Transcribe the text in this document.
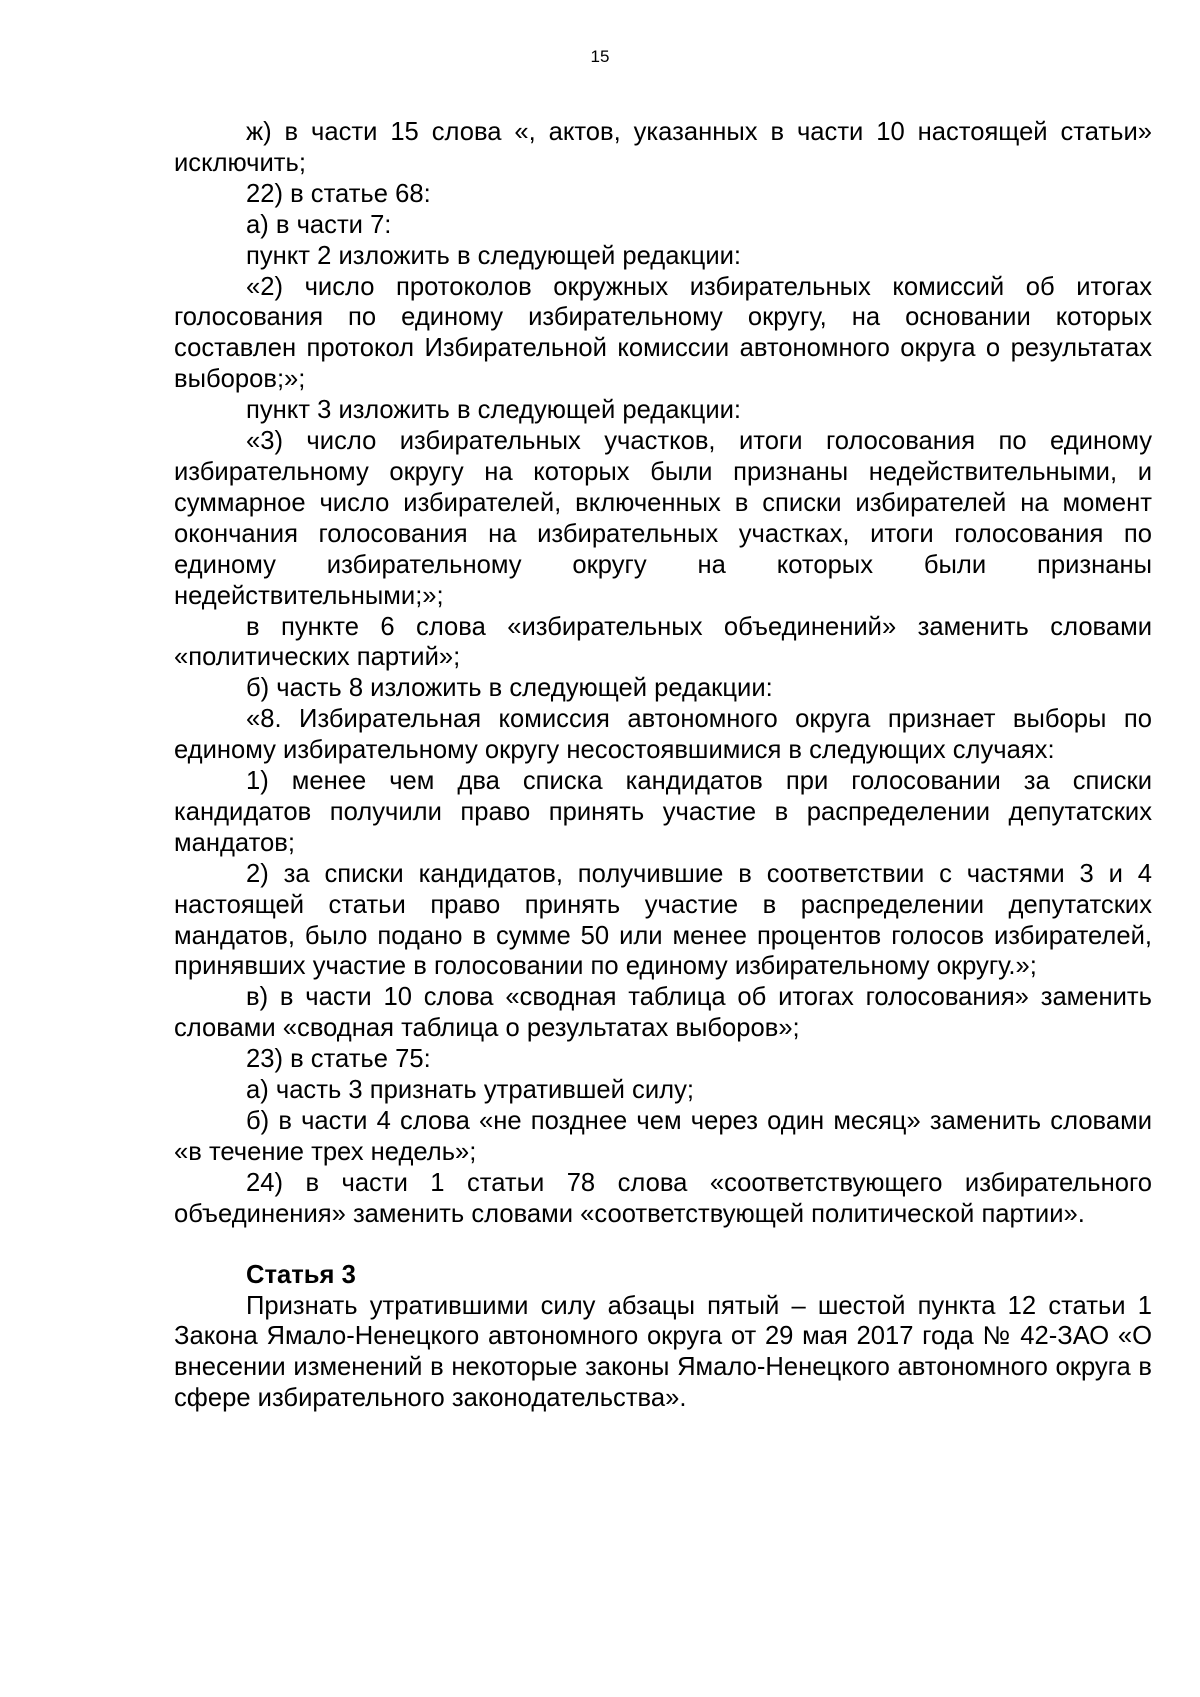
15

ж) в части 15 слова «, актов, указанных в части 10 настоящей статьи» исключить;

22) в статье 68:

а) в части 7:

пункт 2 изложить в следующей редакции:

«2) число протоколов окружных избирательных комиссий об итогах голосования по единому избирательному округу, на основании которых составлен протокол Избирательной комиссии автономного округа о результатах выборов;»;

пункт 3 изложить в следующей редакции:

«3) число избирательных участков, итоги голосования по единому избирательному округу на которых были признаны недействительными, и суммарное число избирателей, включенных в списки избирателей на момент окончания голосования на избирательных участках, итоги голосования по единому избирательному округу на которых были признаны недействительными;»;

в пункте 6 слова «избирательных объединений» заменить словами «политических партий»;

б) часть 8 изложить в следующей редакции:

«8. Избирательная комиссия автономного округа признает выборы по единому избирательному округу несостоявшимися в следующих случаях:

1) менее чем два списка кандидатов при голосовании за списки кандидатов получили право принять участие в распределении депутатских мандатов;

2) за списки кандидатов, получившие в соответствии с частями 3 и 4 настоящей статьи право принять участие в распределении депутатских мандатов, было подано в сумме 50 или менее процентов голосов избирателей, принявших участие в голосовании по единому избирательному округу.»;

в) в части 10 слова «сводная таблица об итогах голосования» заменить словами «сводная таблица о результатах выборов»;

23) в статье 75:

а) часть 3 признать утратившей силу;

б) в части 4 слова «не позднее чем через один месяц» заменить словами «в течение трех недель»;

24) в части 1 статьи 78 слова «соответствующего избирательного объединения» заменить словами «соответствующей политической партии».

Статья 3

Признать утратившими силу абзацы пятый – шестой пункта 12 статьи 1 Закона Ямало-Ненецкого автономного округа от 29 мая 2017 года № 42-ЗАО «О внесении изменений в некоторые законы Ямало-Ненецкого автономного округа в сфере избирательного законодательства».
